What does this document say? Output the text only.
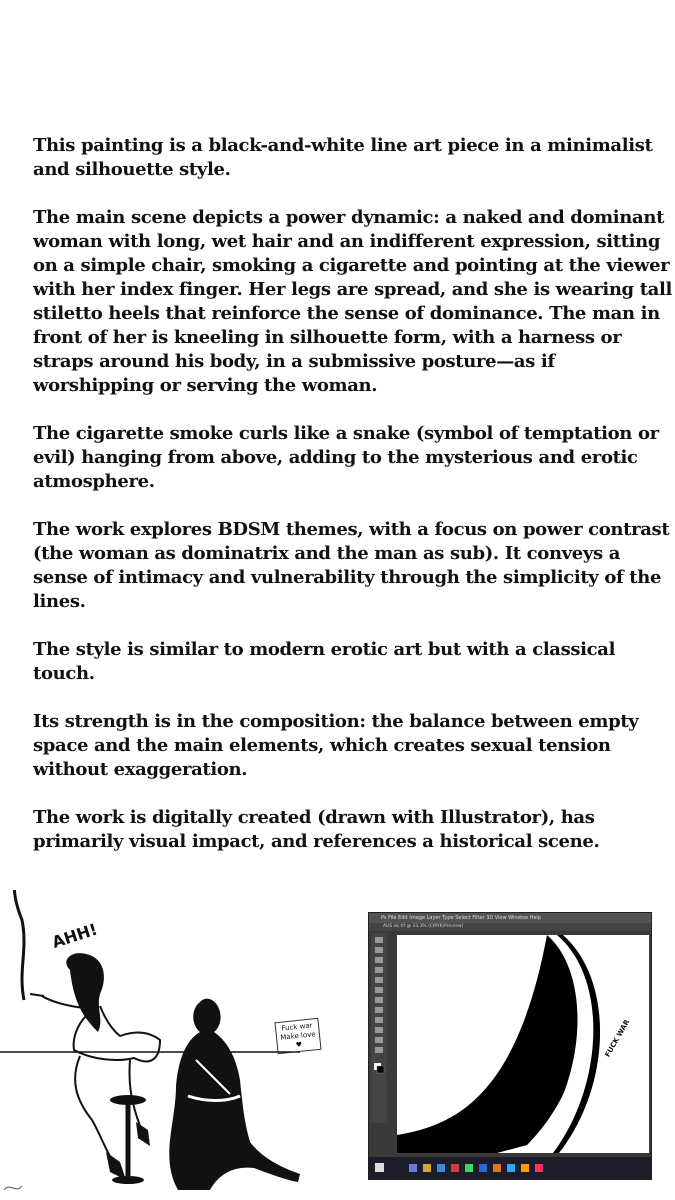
This painting is a black-and-white line art piece in a minimalist and silhouette style.

The main scene depicts a power dynamic: a naked and dominant woman with long, wet hair and an indifferent expression, sitting on a simple chair, smoking a cigarette and pointing at the viewer with her index finger. Her legs are spread, and she is wearing tall stiletto heels that reinforce the sense of dominance. The man in front of her is kneeling in silhouette form, with a harness or straps around his body, in a submissive posture—as if worshipping or serving the woman.

The cigarette smoke curls like a snake (symbol of temptation or evil) hanging from above, adding to the mysterious and erotic atmosphere.

The work explores BDSM themes, with a focus on power contrast (the woman as dominatrix and the man as sub). It conveys a sense of intimacy and vulnerability through the simplicity of the lines.

The style is similar to modern erotic art but with a classical touch.

Its strength is in the composition: the balance between empty space and the main elements, which creates sexual tension without exaggeration.

The work is digitally created (drawn with Illustrator), has primarily visual impact, and references a historical scene.

AHH!
Fuck war
Make love
♥
Ps File Edit Image Layer Type Select Filter 3D View Window Help
AUS ok.tif @ 33,3% (CMYK/Preview)
FUCK WAR
